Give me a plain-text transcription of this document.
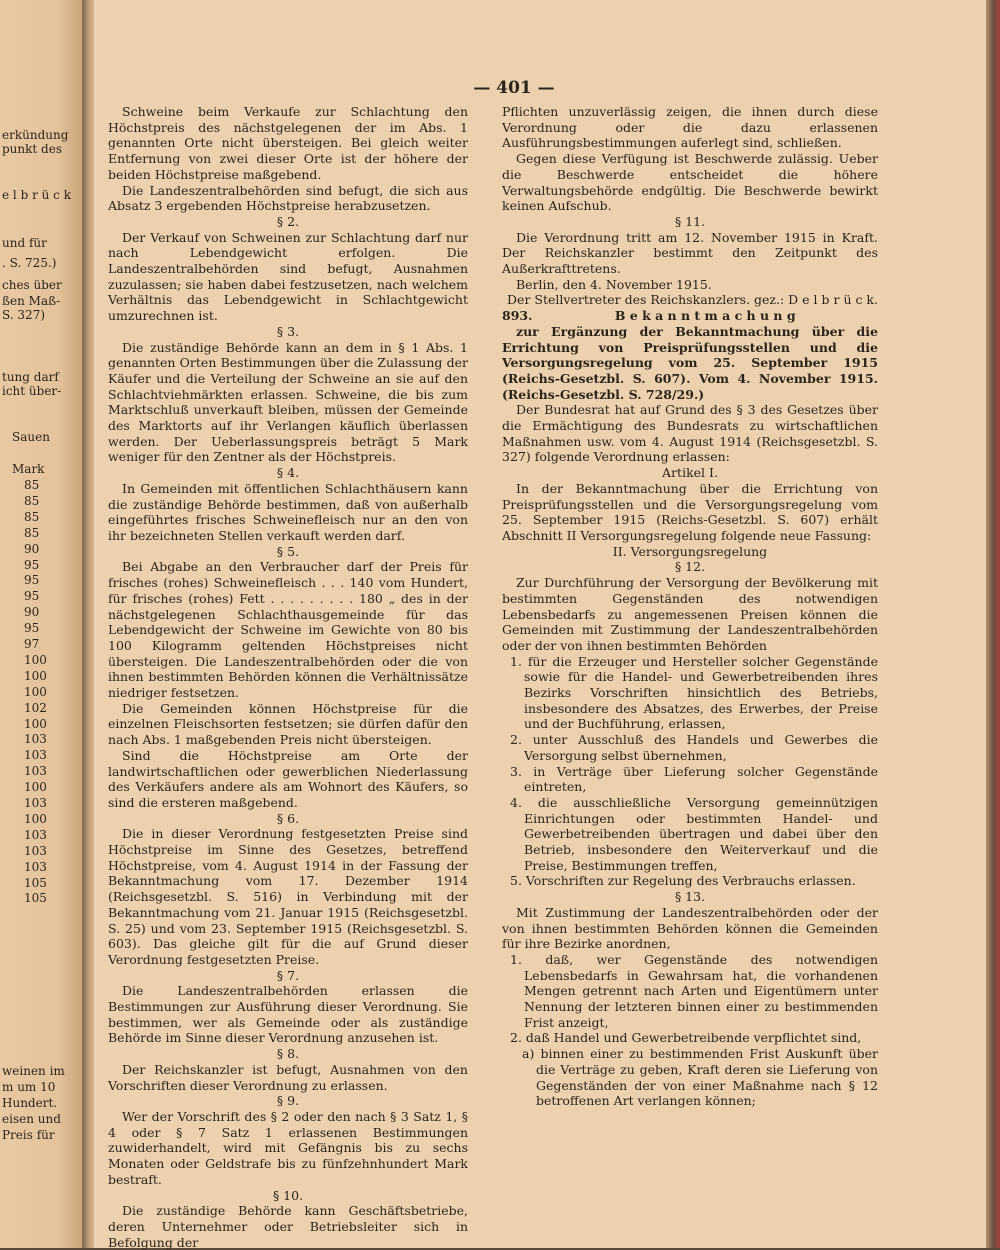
erkündung
punkt des
e l b r ü c k
und für
. S. 725.)
ches über
ßen Maß-
S. 327)
tung darf
icht über-
Sauen
Mark
85
85
85
85
90
95
95
95
90
95
97
100
100
100
102
100
103
103
103
100
103
100
103
103
103
105
105
weinen im
m um 10
Hundert.
eisen und
Preis für
— 401 —

Schweine beim Verkaufe zur Schlachtung den Höchstpreis des nächstgelegenen der im Abs. 1 genannten Orte nicht übersteigen. Bei gleich weiter Entfernung von zwei dieser Orte ist der höhere der beiden Höchstpreise maßgebend.

Die Landeszentralbehörden sind befugt, die sich aus Absatz 3 ergebenden Höchstpreise herabzusetzen.

§ 2.

Der Verkauf von Schweinen zur Schlachtung darf nur nach Lebendgewicht erfolgen. Die Landeszentralbehörden sind befugt, Ausnahmen zuzulassen; sie haben dabei festzusetzen, nach welchem Verhältnis das Lebendgewicht in Schlachtgewicht umzurechnen ist.

§ 3.

Die zuständige Behörde kann an dem in § 1 Abs. 1 genannten Orten Bestimmungen über die Zulassung der Käufer und die Verteilung der Schweine an sie auf den Schlachtviehmärkten erlassen. Schweine, die bis zum Marktschluß unverkauft bleiben, müssen der Gemeinde des Marktorts auf ihr Verlangen käuflich überlassen werden. Der Ueberlassungspreis beträgt 5 Mark weniger für den Zentner als der Höchstpreis.

§ 4.

In Gemeinden mit öffentlichen Schlachthäusern kann die zuständige Behörde bestimmen, daß von außerhalb eingeführtes frisches Schweinefleisch nur an den von ihr bezeichneten Stellen verkauft werden darf.

§ 5.

Bei Abgabe an den Verbraucher darf der Preis für frisches (rohes) Schweinefleisch . . . 140 vom Hundert, für frisches (rohes) Fett . . . . . . . . . 180 „ des in der nächstgelegenen Schlachthausgemeinde für das Lebendgewicht der Schweine im Gewichte von 80 bis 100 Kilogramm geltenden Höchstpreises nicht übersteigen. Die Landeszentralbehörden oder die von ihnen bestimmten Behörden können die Verhältnissätze niedriger festsetzen.

Die Gemeinden können Höchstpreise für die einzelnen Fleischsorten festsetzen; sie dürfen dafür den nach Abs. 1 maßgebenden Preis nicht übersteigen.

Sind die Höchstpreise am Orte der landwirtschaftlichen oder gewerblichen Niederlassung des Verkäufers andere als am Wohnort des Käufers, so sind die ersteren maßgebend.

§ 6.

Die in dieser Verordnung festgesetzten Preise sind Höchstpreise im Sinne des Gesetzes, betreffend Höchstpreise, vom 4. August 1914 in der Fassung der Bekanntmachung vom 17. Dezember 1914 (Reichsgesetzbl. S. 516) in Verbindung mit der Bekanntmachung vom 21. Januar 1915 (Reichsgesetzbl. S. 25) und vom 23. September 1915 (Reichsgesetzbl. S. 603). Das gleiche gilt für die auf Grund dieser Verordnung festgesetzten Preise.

§ 7.

Die Landeszentralbehörden erlassen die Bestimmungen zur Ausführung dieser Verordnung. Sie bestimmen, wer als Gemeinde oder als zuständige Behörde im Sinne dieser Verordnung anzusehen ist.

§ 8.

Der Reichskanzler ist befugt, Ausnahmen von den Vorschriften dieser Verordnung zu erlassen.

§ 9.

Wer der Vorschrift des § 2 oder den nach § 3 Satz 1, § 4 oder § 7 Satz 1 erlassenen Bestimmungen zuwiderhandelt, wird mit Gefängnis bis zu sechs Monaten oder Geldstrafe bis zu fünfzehnhundert Mark bestraft.

§ 10.

Die zuständige Behörde kann Geschäftsbetriebe, deren Unternehmer oder Betriebsleiter sich in Befolgung der

Pflichten unzuverlässig zeigen, die ihnen durch diese Verordnung oder die dazu erlassenen Ausführungsbestimmungen auferlegt sind, schließen.

Gegen diese Verfügung ist Beschwerde zulässig. Ueber die Beschwerde entscheidet die höhere Verwaltungsbehörde endgültig. Die Beschwerde bewirkt keinen Aufschub.

§ 11.

Die Verordnung tritt am 12. November 1915 in Kraft. Der Reichskanzler bestimmt den Zeitpunkt des Außerkrafttretens.

Berlin, den 4. November 1915.

Der Stellvertreter des Reichskanzlers. gez.: D e l b r ü c k.

893.	B e k a n n t m a c h u n g

zur Ergänzung der Bekanntmachung über die Errichtung von Preisprüfungsstellen und die Versorgungsregelung vom 25. September 1915 (Reichs-Gesetzbl. S. 607). Vom 4. November 1915. (Reichs-Gesetzbl. S. 728/29.)

Der Bundesrat hat auf Grund des § 3 des Gesetzes über die Ermächtigung des Bundesrats zu wirtschaftlichen Maßnahmen usw. vom 4. August 1914 (Reichsgesetzbl. S. 327) folgende Verordnung erlassen:

Artikel I.

In der Bekanntmachung über die Errichtung von Preisprüfungsstellen und die Versorgungsregelung vom 25. September 1915 (Reichs-Gesetzbl. S. 607) erhält Abschnitt II Versorgungsregelung folgende neue Fassung:

II. Versorgungsregelung

§ 12.

Zur Durchführung der Versorgung der Bevölkerung mit bestimmten Gegenständen des notwendigen Lebensbedarfs zu angemessenen Preisen können die Gemeinden mit Zustimmung der Landeszentralbehörden oder der von ihnen bestimmten Behörden

1. für die Erzeuger und Hersteller solcher Gegenstände sowie für die Handel- und Gewerbetreibenden ihres Bezirks Vorschriften hinsichtlich des Betriebs, insbesondere des Absatzes, des Erwerbes, der Preise und der Buchführung, erlassen,

2. unter Ausschluß des Handels und Gewerbes die Versorgung selbst übernehmen,

3. in Verträge über Lieferung solcher Gegenstände eintreten,

4. die ausschließliche Versorgung gemeinnützigen Einrichtungen oder bestimmten Handel- und Gewerbetreibenden übertragen und dabei über den Betrieb, insbesondere den Weiterverkauf und die Preise, Bestimmungen treffen,

5. Vorschriften zur Regelung des Verbrauchs erlassen.

§ 13.

Mit Zustimmung der Landeszentralbehörden oder der von ihnen bestimmten Behörden können die Gemeinden für ihre Bezirke anordnen,

1. daß, wer Gegenstände des notwendigen Lebensbedarfs in Gewahrsam hat, die vorhandenen Mengen getrennt nach Arten und Eigentümern unter Nennung der letzteren binnen einer zu bestimmenden Frist anzeigt,

2. daß Handel und Gewerbetreibende verpflichtet sind,

a) binnen einer zu bestimmenden Frist Auskunft über die Verträge zu geben, Kraft deren sie Lieferung von Gegenständen der von einer Maßnahme nach § 12 betroffenen Art verlangen können;
